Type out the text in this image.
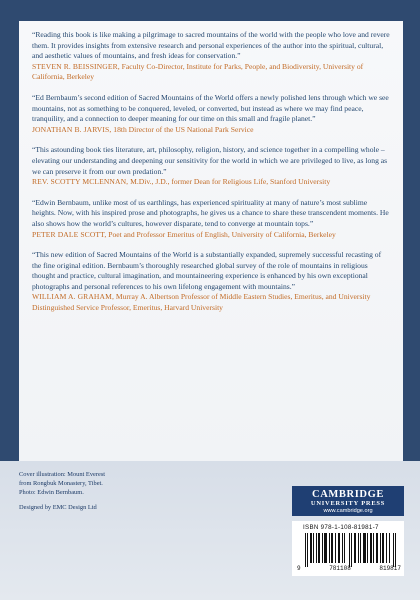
“Reading this book is like making a pilgrimage to sacred mountains of the world with the people who love and revere them. It provides insights from extensive research and personal experiences of the author into the spiritual, cultural, and aesthetic values of mountains, and fresh ideas for conservation.”

STEVEN R. BEISSINGER, Faculty Co-Director, Institute for Parks, People, and Biodiversity, University of California, Berkeley

“Ed Bernbaum’s second edition of Sacred Mountains of the World offers a newly polished lens through which we see mountains, not as something to be conquered, leveled, or converted, but instead as where we may find peace, tranquility, and a connection to deeper meaning for our time on this small and fragile planet.”

JONATHAN B. JARVIS, 18th Director of the US National Park Service

“This astounding book ties literature, art, philosophy, religion, history, and science together in a compelling whole – elevating our understanding and deepening our sensitivity for the world in which we are privileged to live, as long as we can preserve it from our own predation.”

REV. SCOTTY MCLENNAN, M.Div., J.D., former Dean for Religious Life, Stanford University

“Edwin Bernbaum, unlike most of us earthlings, has experienced spirituality at many of nature’s most sublime heights. Now, with his inspired prose and photographs, he gives us a chance to share these transcendent moments. He also shows how the world’s cultures, however disparate, tend to converge at mountain tops.”

PETER DALE SCOTT, Poet and Professor Emeritus of English, University of California, Berkeley

“This new edition of Sacred Mountains of the World is a substantially expanded, supremely successful recasting of the fine original edition. Bernbaum’s thoroughly researched global survey of the role of mountains in religious thought and practice, cultural imagination, and mountaineering experience is enhanced by his own exceptional photographs and personal references to his own lifelong engagement with mountains.”

WILLIAM A. GRAHAM, Murray A. Albertson Professor of Middle Eastern Studies, Emeritus, and University Distinguished Service Professor, Emeritus, Harvard University

Cover illustration: Mount Everest

from Rongbuk Monastery, Tibet.

Photo: Edwin Bernbaum.

Designed by EMC Design Ltd

CAMBRIDGE
UNIVERSITY PRESS
www.cambridge.org

ISBN 978-1-108-81981-7

9	781108	819817
